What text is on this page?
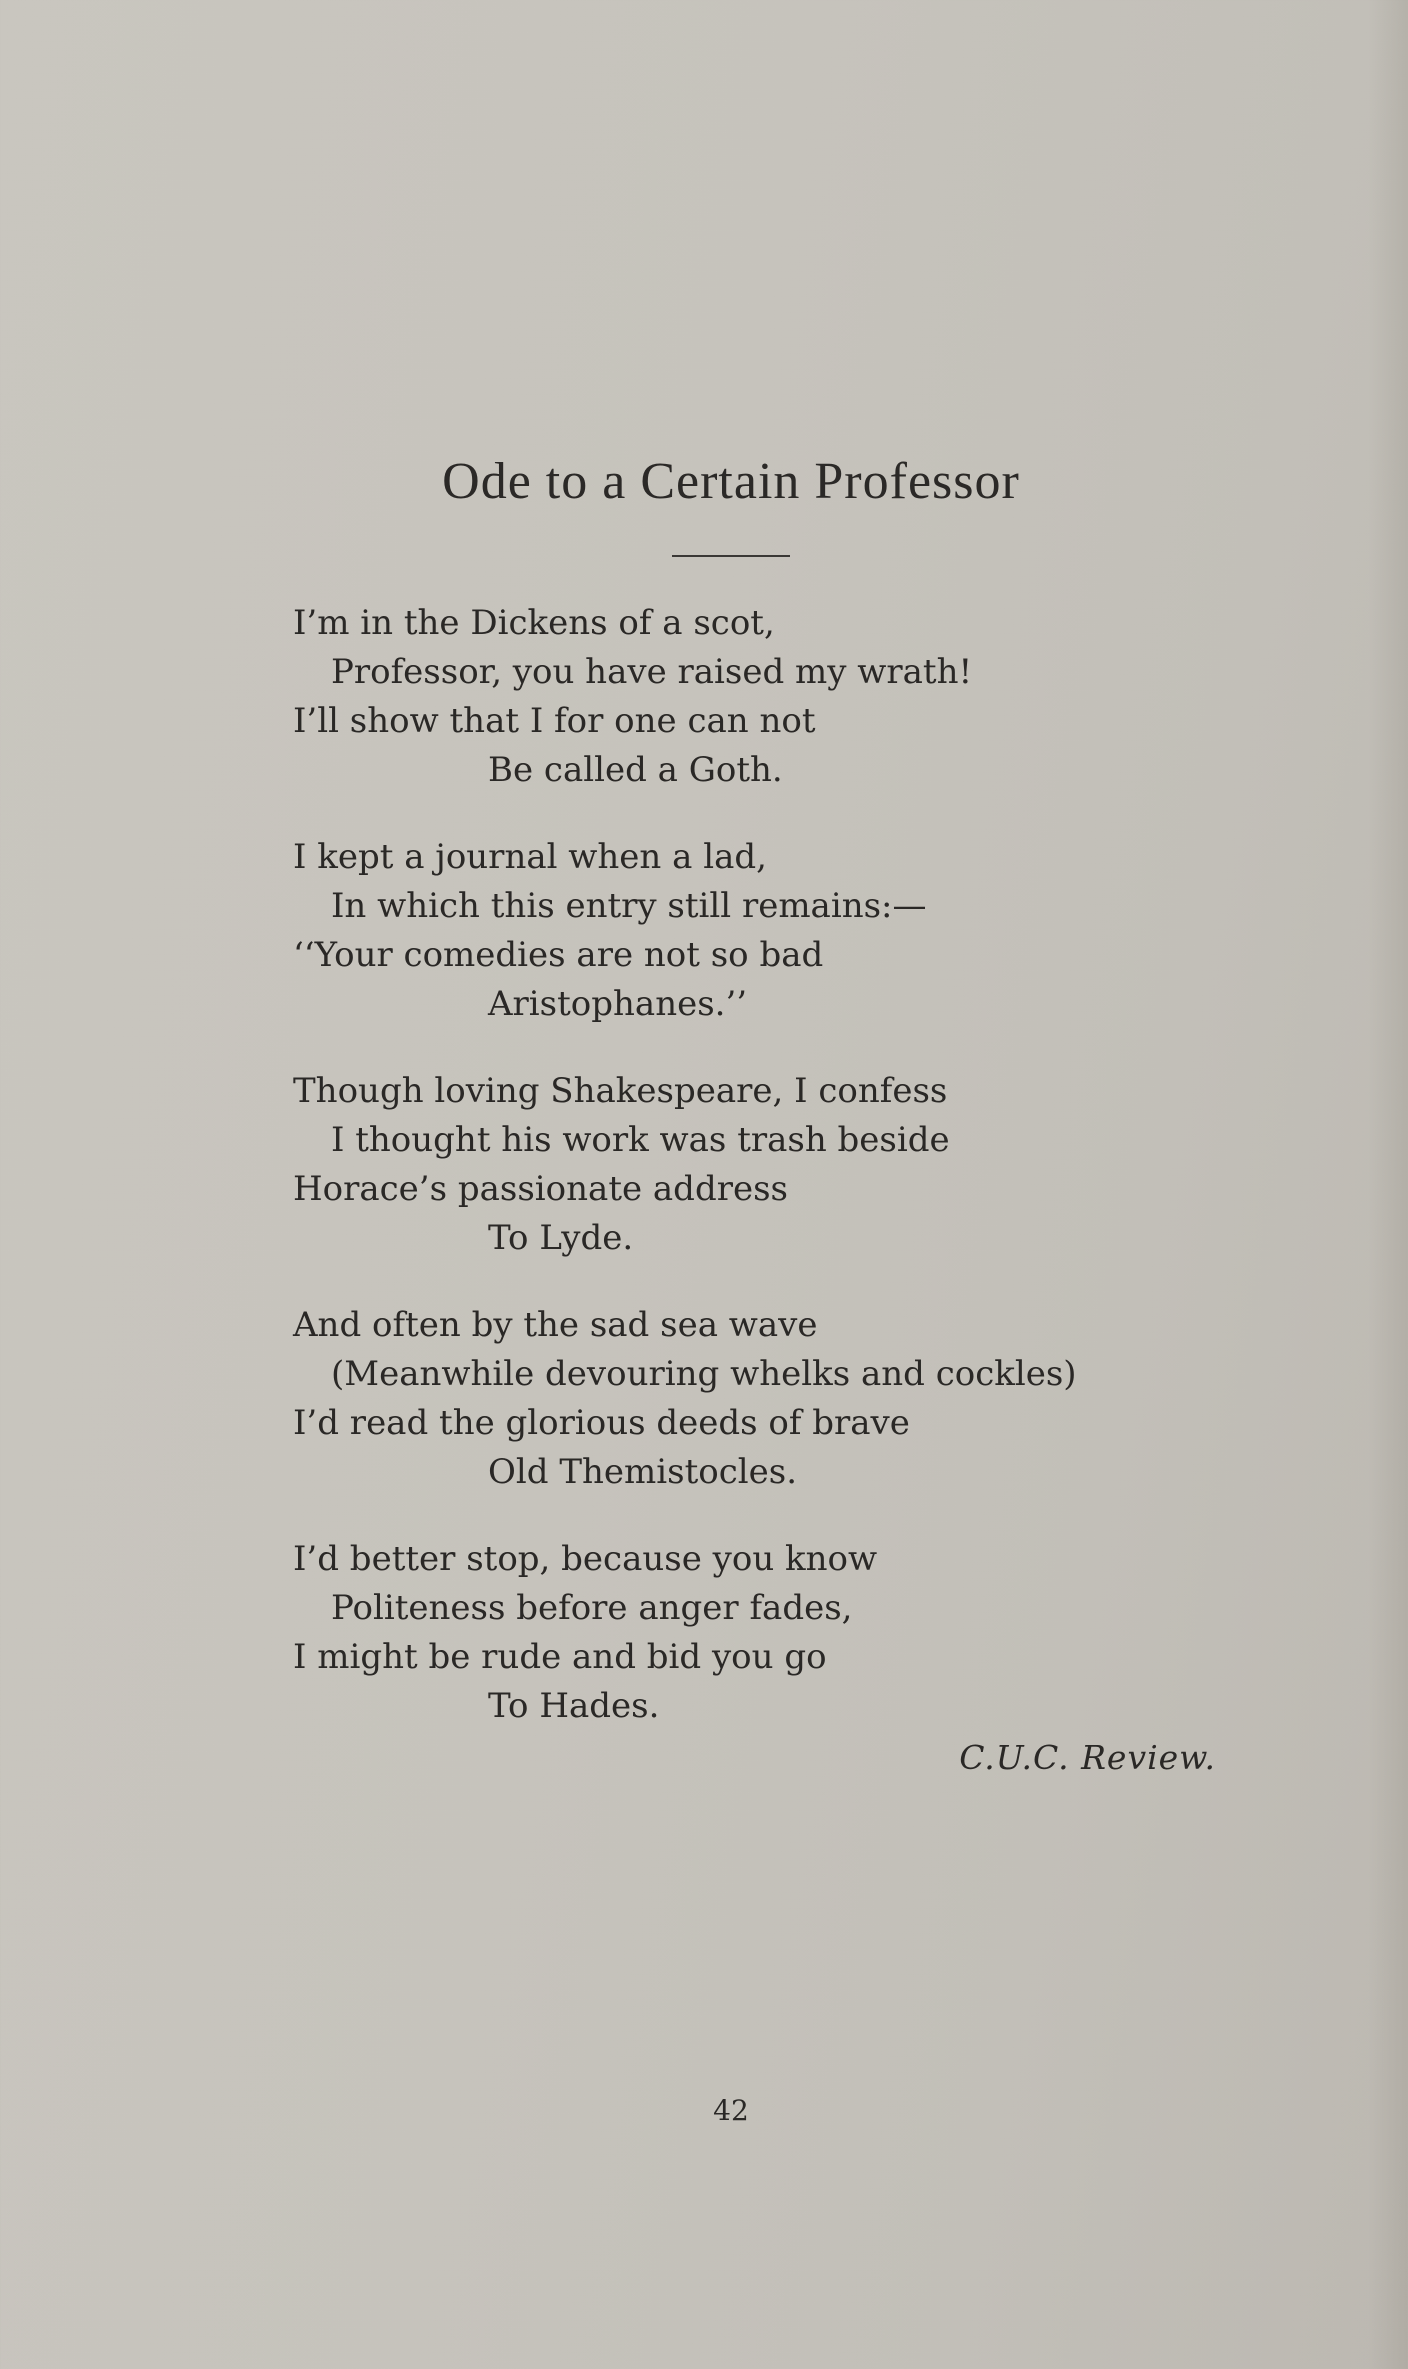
Ode to a Certain Professor
I’m in the Dickens of a scot,
Professor, you have raised my wrath!
I’ll show that I for one can not
Be called a Goth.
I kept a journal when a lad,
In which this entry still remains:—
‘‘Your comedies are not so bad
Aristophanes.’’
Though loving Shakespeare, I confess
I thought his work was trash beside
Horace’s passionate address
To Lyde.
And often by the sad sea wave
(Meanwhile devouring whelks and cockles)
I’d read the glorious deeds of brave
Old Themistocles.
I’d better stop, because you know
Politeness before anger fades,
I might be rude and bid you go
To Hades.
C.U.C. Review.
42
